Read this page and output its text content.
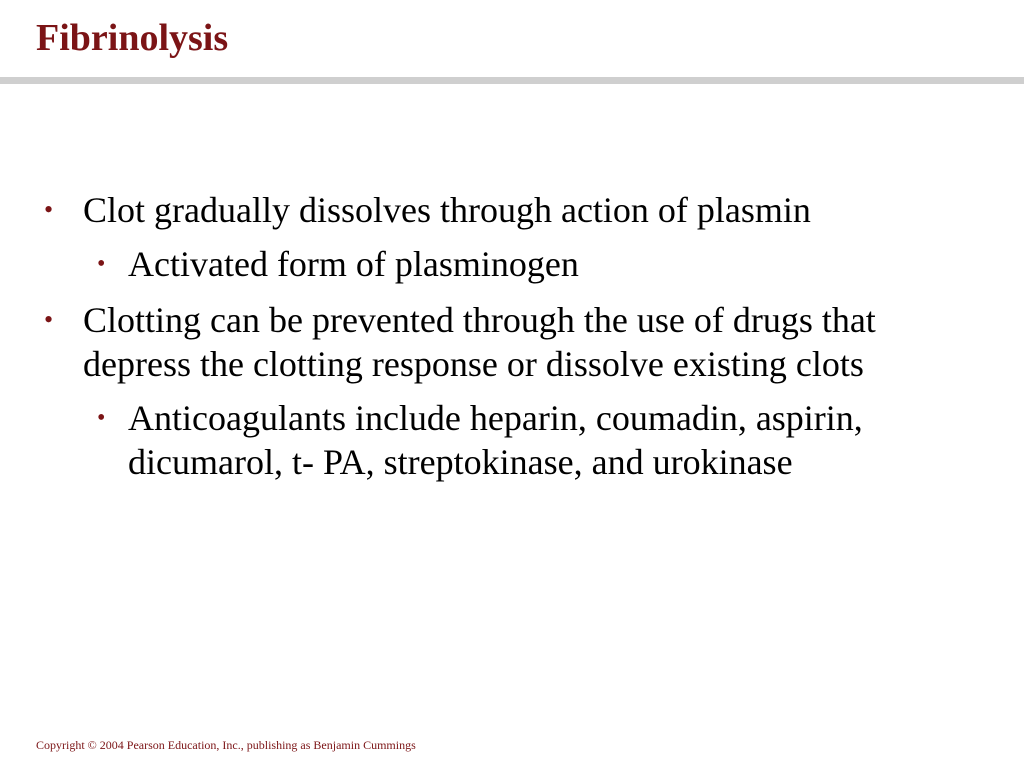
Fibrinolysis
• Clot gradually dissolves through action of plasmin
• Activated form of plasminogen
• Clotting can be prevented through the use of drugs that depress the clotting response or dissolve existing clots
• Anticoagulants include heparin, coumadin, aspirin, dicumarol, t- PA, streptokinase, and urokinase
Copyright © 2004 Pearson Education, Inc., publishing as Benjamin Cummings
